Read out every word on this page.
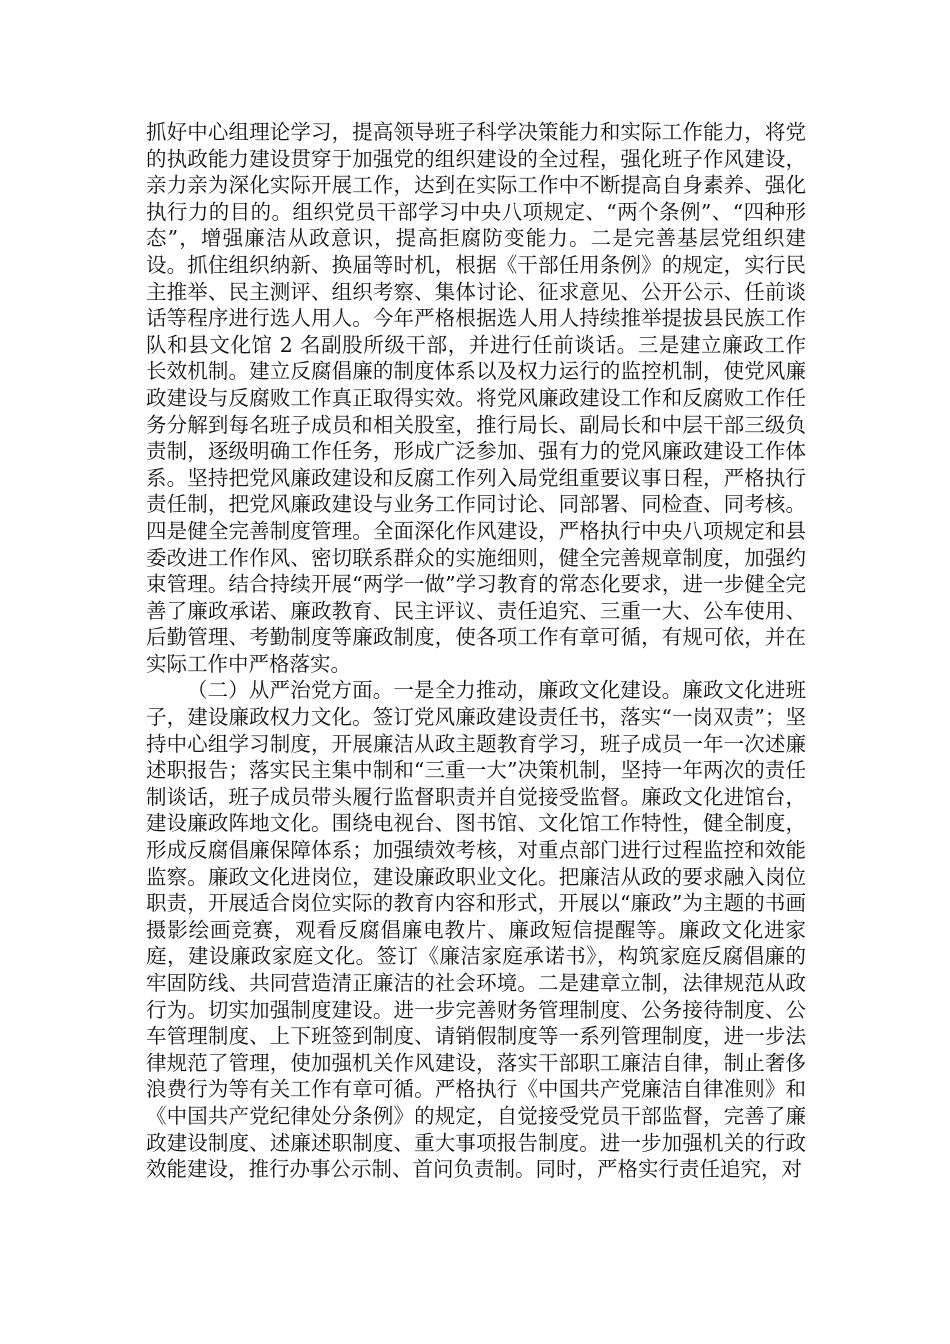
抓好中心组理论学习，提高领导班子科学决策能力和实际工作能力，将党的执政能力建设贯穿于加强党的组织建设的全过程，强化班子作风建设，亲力亲为深化实际开展工作，达到在实际工作中不断提高自身素养、强化执行力的目的。组织党员干部学习中央八项规定、“两个条例”、“四种形态”，增强廉洁从政意识，提高拒腐防变能力。二是完善基层党组织建设。抓住组织纳新、换届等时机，根据《干部任用条例》的规定，实行民主推举、民主测评、组织考察、集体讨论、征求意见、公开公示、任前谈话等程序进行选人用人。今年严格根据选人用人持续推举提拔县民族工作队和县文化馆 2 名副股所级干部，并进行任前谈话。三是建立廉政工作长效机制。建立反腐倡廉的制度体系以及权力运行的监控机制，使党风廉政建设与反腐败工作真正取得实效。将党风廉政建设工作和反腐败工作任务分解到每名班子成员和相关股室，推行局长、副局长和中层干部三级负责制，逐级明确工作任务，形成广泛参加、强有力的党风廉政建设工作体系。坚持把党风廉政建设和反腐工作列入局党组重要议事日程，严格执行责任制，把党风廉政建设与业务工作同讨论、同部署、同检查、同考核。四是健全完善制度管理。全面深化作风建设，严格执行中央八项规定和县委改进工作作风、密切联系群众的实施细则，健全完善规章制度，加强约束管理。结合持续开展“两学一做”学习教育的常态化要求，进一步健全完善了廉政承诺、廉政教育、民主评议、责任追究、三重一大、公车使用、后勤管理、考勤制度等廉政制度，使各项工作有章可循，有规可依，并在实际工作中严格落实。

（二）从严治党方面。一是全力推动，廉政文化建设。廉政文化进班子，建设廉政权力文化。签订党风廉政建设责任书，落实“一岗双责”；坚持中心组学习制度，开展廉洁从政主题教育学习，班子成员一年一次述廉述职报告；落实民主集中制和“三重一大”决策机制，坚持一年两次的责任制谈话，班子成员带头履行监督职责并自觉接受监督。廉政文化进馆台，建设廉政阵地文化。围绕电视台、图书馆、文化馆工作特性，健全制度，形成反腐倡廉保障体系；加强绩效考核，对重点部门进行过程监控和效能监察。廉政文化进岗位，建设廉政职业文化。把廉洁从政的要求融入岗位职责，开展适合岗位实际的教育内容和形式，开展以“廉政”为主题的书画摄影绘画竞赛，观看反腐倡廉电教片、廉政短信提醒等。廉政文化进家庭，建设廉政家庭文化。签订《廉洁家庭承诺书》，构筑家庭反腐倡廉的牢固防线、共同营造清正廉洁的社会环境。二是建章立制，法律规范从政行为。切实加强制度建设。进一步完善财务管理制度、公务接待制度、公车管理制度、上下班签到制度、请销假制度等一系列管理制度，进一步法律规范了管理，使加强机关作风建设，落实干部职工廉洁自律，制止奢侈浪费行为等有关工作有章可循。严格执行《中国共产党廉洁自律准则》和《中国共产党纪律处分条例》的规定，自觉接受党员干部监督，完善了廉政建设制度、述廉述职制度、重大事项报告制度。进一步加强机关的行政效能建设，推行办事公示制、首问负责制。同时，严格实行责任追究，对
